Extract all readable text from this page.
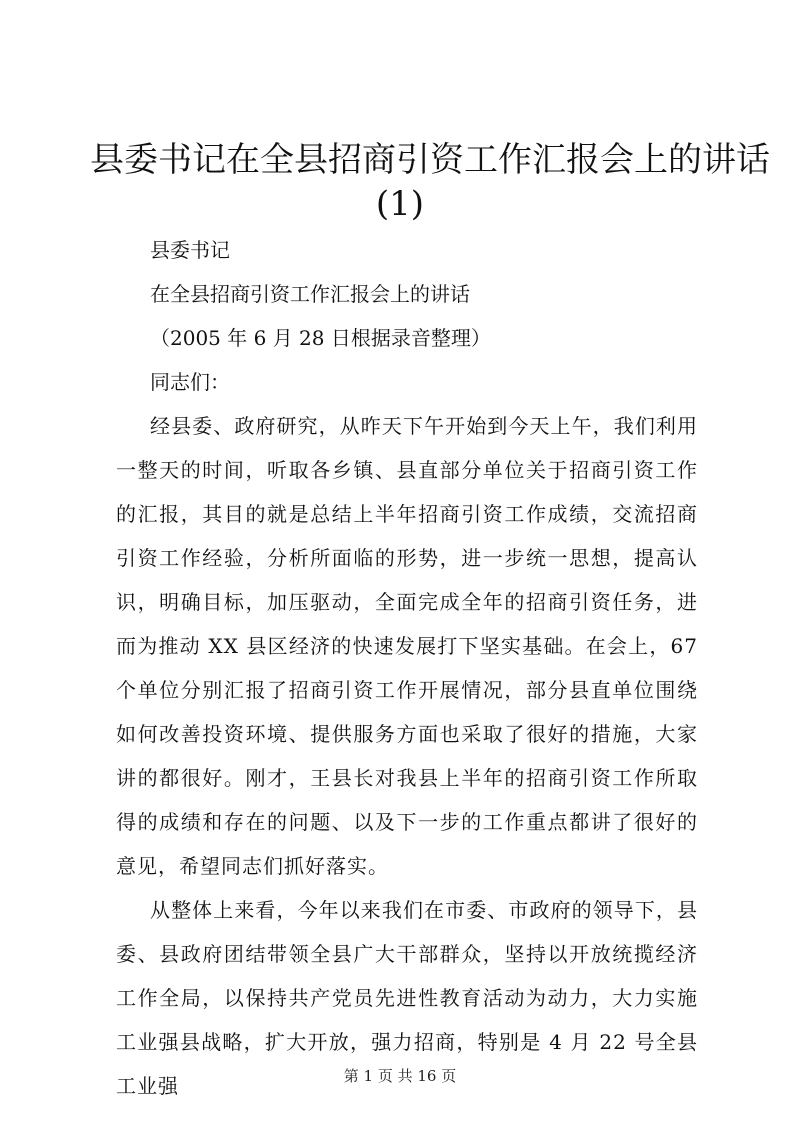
县委书记在全县招商引资工作汇报会上的讲话
(1)

县委书记

在全县招商引资工作汇报会上的讲话

（2005 年 6 月 28 日根据录音整理）

同志们：

经县委、政府研究，从昨天下午开始到今天上午，我们利用一整天的时间，听取各乡镇、县直部分单位关于招商引资工作的汇报，其目的就是总结上半年招商引资工作成绩，交流招商引资工作经验，分析所面临的形势，进一步统一思想，提高认识，明确目标，加压驱动，全面完成全年的招商引资任务，进而为推动 XX 县区经济的快速发展打下坚实基础。在会上，67 个单位分别汇报了招商引资工作开展情况，部分县直单位围绕如何改善投资环境、提供服务方面也采取了很好的措施，大家讲的都很好。刚才，王县长对我县上半年的招商引资工作所取得的成绩和存在的问题、以及下一步的工作重点都讲了很好的意见，希望同志们抓好落实。

从整体上来看，今年以来我们在市委、市政府的领导下，县委、县政府团结带领全县广大干部群众，坚持以开放统揽经济工作全局，以保持共产党员先进性教育活动为动力，大力实施工业强县战略，扩大开放，强力招商，特别是 4 月 22 号全县工业强	第 1 页 共 16 页
